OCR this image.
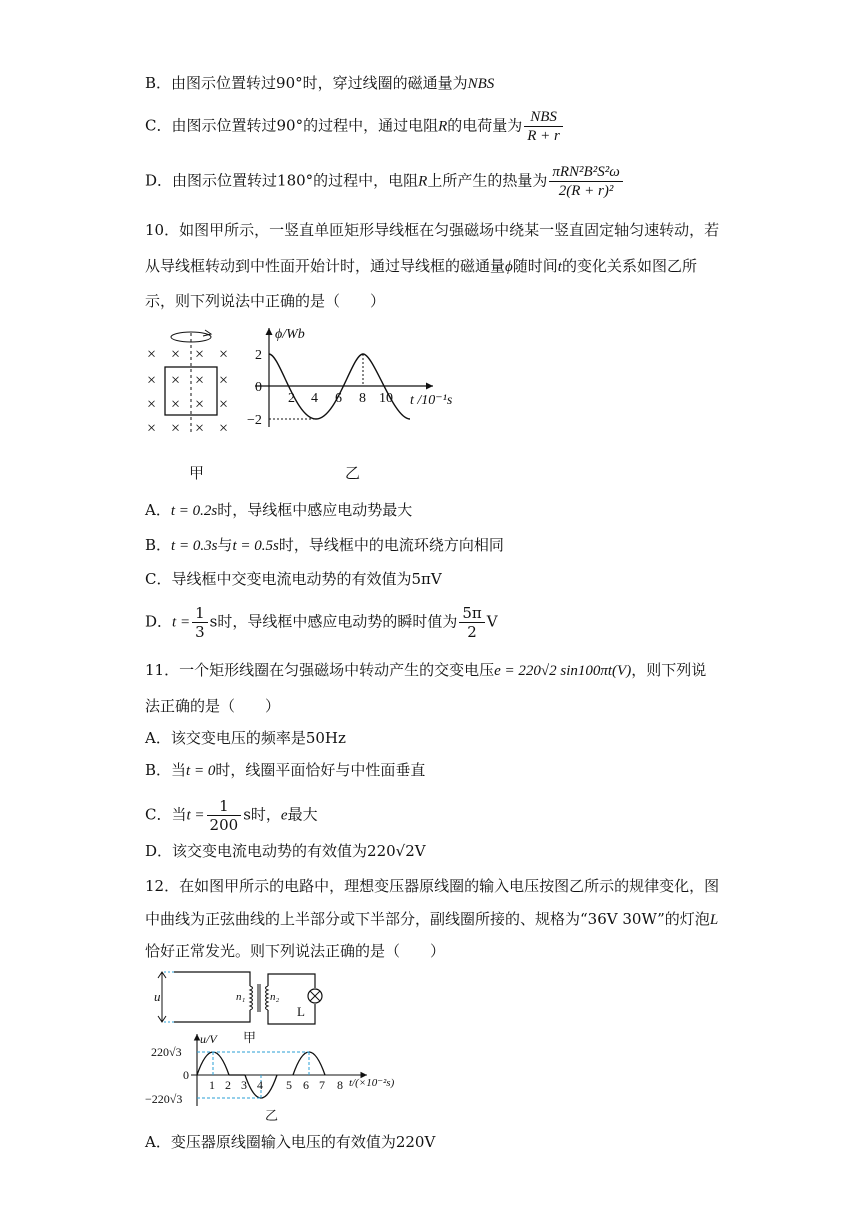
B．由图示位置转过90°时，穿过线圈的磁通量为NBS
C．由图示位置转过90°的过程中，通过电阻R的电荷量为 $\frac{\text{NBS}}{R + r}$
D．由图示位置转过180°的过程中，电阻R上所产生的热量为 $\frac{\text{πRN²B²S²ω}}{\text{2(R + r)²}}$
10．如图甲所示，一竖直单匝矩形导线框在匀强磁场中绕某一竖直固定轴匀速转动，若
从导线框转动到中性面开始计时，通过导线框的磁通量ϕ随时间t的变化关系如图乙所
示，则下列说法中正确的是（　　）
× × × ×
× × × ×
× × × ×
× × × ×
甲
ϕ/Wb
2
0
−2
2 4 6 8 10 t /10⁻¹s
乙
A．t = 0.2s时，导线框中感应电动势最大
B．t = 0.3s与t = 0.5s时，导线框中的电流环绕方向相同
C．导线框中交变电流电动势的有效值为5πV
D．$t = \frac{1}{3}$ s时，导线框中感应电动势的瞬时值为 $\frac{5\pi}{2}$ V
11．一个矩形线圈在匀强磁场中转动产生的交变电压e = 220√2 sin100πt(V)，则下列说
法正确的是（　　）
A．该交变电压的频率是50Hz
B．当t = 0时，线圈平面恰好与中性面垂直
C．当$t = \frac{1}{200}$ s时，e最大
D．该交变电流电动势的有效值为220√2V
12．在如图甲所示的电路中，理想变压器原线圈的输入电压按图乙所示的规律变化，图
中曲线为正弦曲线的上半部分或下半部分，副线圈所接的、规格为“36V 30W”的灯泡L
恰好正常发光。则下列说法正确的是（　　）
u	n₁ n₂
L
甲
u/V
220√3
0
−220√3
1 2 3 4 5 6 7 8 t/(×10⁻²s)
乙
A．变压器原线圈输入电压的有效值为220V
